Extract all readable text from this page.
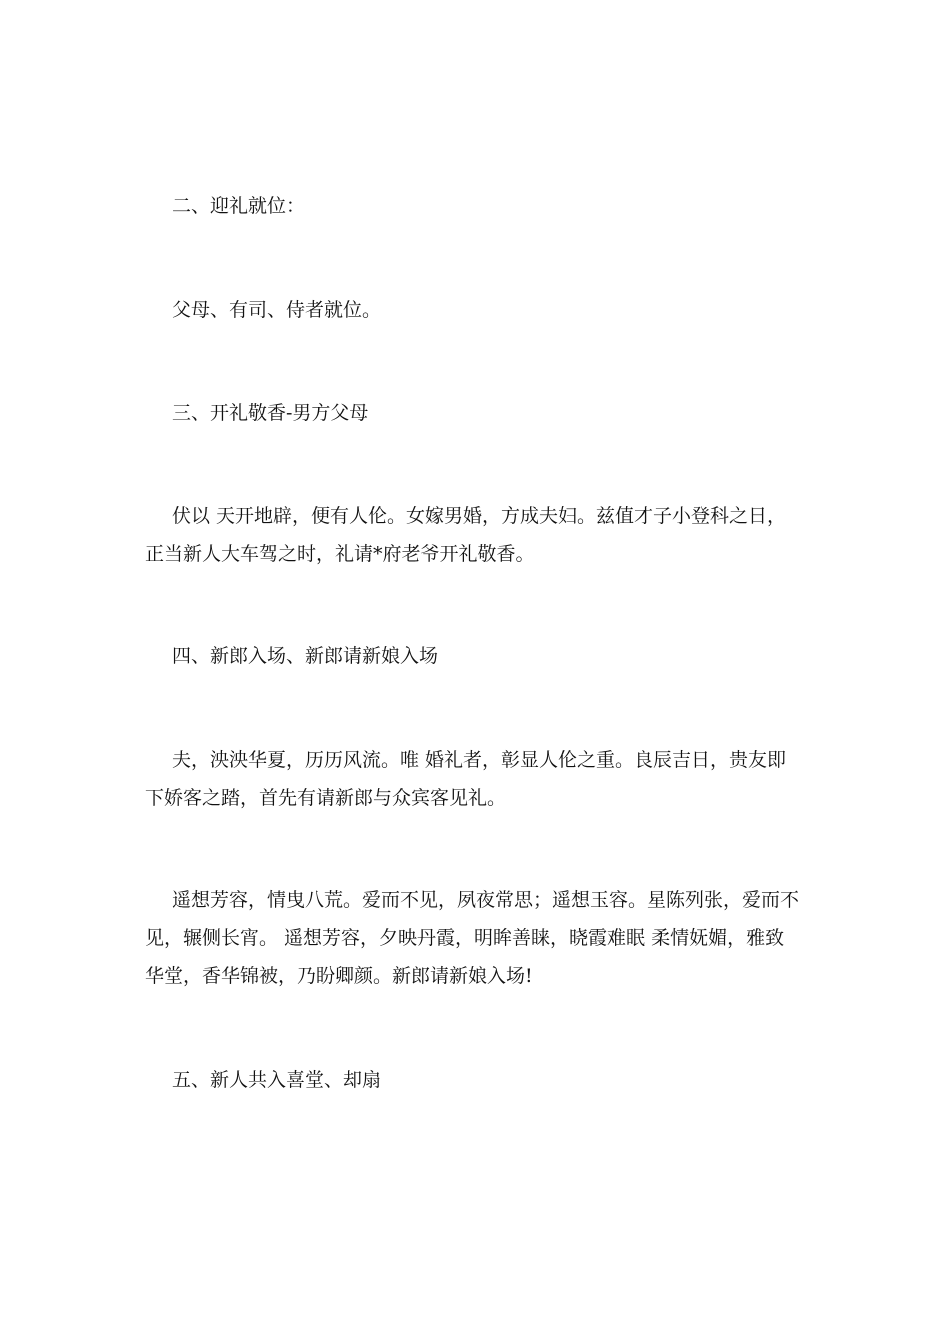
二、迎礼就位：

父母、有司、侍者就位。

三、开礼敬香-男方父母

伏以 天开地辟，便有人伦。女嫁男婚，方成夫妇。兹值才子小登科之日，

正当新人大车驾之时，礼请*府老爷开礼敬香。

四、新郎入场、新郎请新娘入场

夫，泱泱华夏，历历风流。唯 婚礼者，彰显人伦之重。良辰吉日，贵友即

下娇客之踏，首先有请新郎与众宾客见礼。

遥想芳容，情曳八荒。爱而不见，夙夜常思；遥想玉容。星陈列张，爱而不

见，辗侧长宵。 遥想芳容，夕映丹霞，明眸善睐，晓霞难眠 柔情妩媚，雅致

华堂，香华锦被，乃盼卿颜。新郎请新娘入场!

五、新人共入喜堂、却扇
